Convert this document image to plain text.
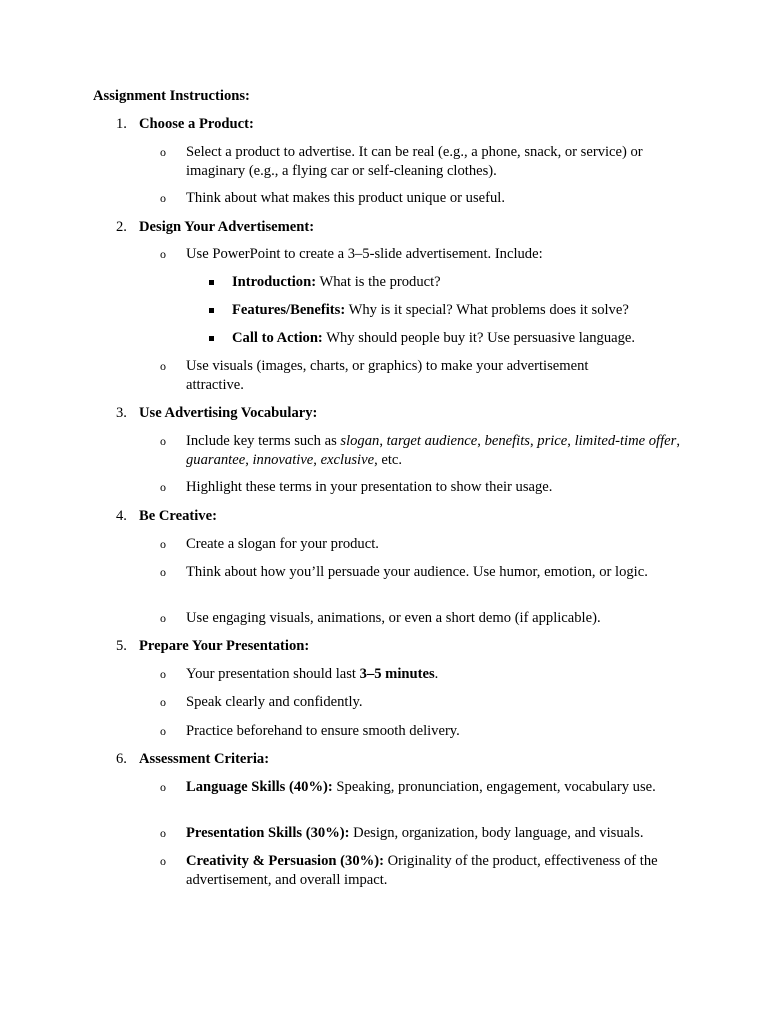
Assignment Instructions:
1. Choose a Product:
o Select a product to advertise. It can be real (e.g., a phone, snack, or service) or imaginary (e.g., a flying car or self-cleaning clothes).
o Think about what makes this product unique or useful.
2. Design Your Advertisement:
o Use PowerPoint to create a 3–5-slide advertisement. Include:
Introduction: What is the product?
Features/Benefits: Why is it special? What problems does it solve?
Call to Action: Why should people buy it? Use persuasive language.
o Use visuals (images, charts, or graphics) to make your advertisement attractive.
3. Use Advertising Vocabulary:
o Include key terms such as slogan, target audience, benefits, price, limited-time offer, guarantee, innovative, exclusive, etc.
o Highlight these terms in your presentation to show their usage.
4. Be Creative:
o Create a slogan for your product.
o Think about how you’ll persuade your audience. Use humor, emotion, or logic.
o Use engaging visuals, animations, or even a short demo (if applicable).
5. Prepare Your Presentation:
o Your presentation should last 3–5 minutes.
o Speak clearly and confidently.
o Practice beforehand to ensure smooth delivery.
6. Assessment Criteria:
o Language Skills (40%): Speaking, pronunciation, engagement, vocabulary use.
o Presentation Skills (30%): Design, organization, body language, and visuals.
o Creativity & Persuasion (30%): Originality of the product, effectiveness of the advertisement, and overall impact.
